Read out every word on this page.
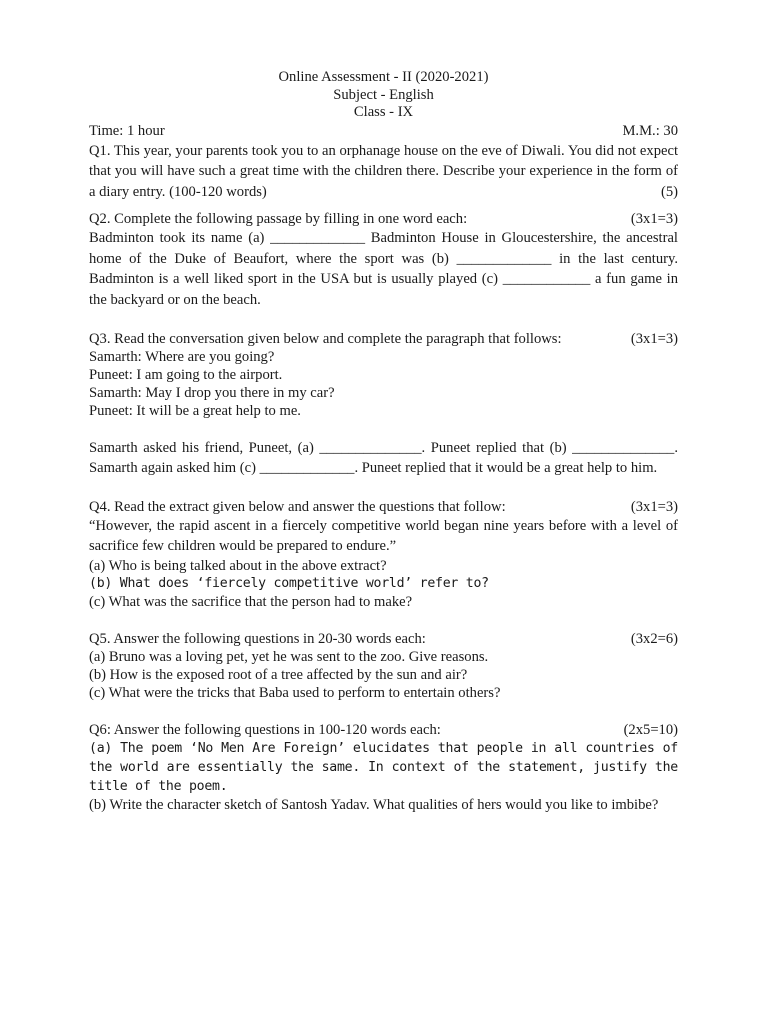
Online Assessment - II (2020-2021)
Subject - English
Class - IX
Time: 1 hour	M.M.: 30

Q1. This year, your parents took you to an orphanage house on the eve of Diwali. You did not expect that you will have such a great time with the children there. Describe your experience in the form of a diary entry. (100-120 words)	(5)

Q2. Complete the following passage by filling in one word each:	(3x1=3)

Badminton took its name (a) _____________ Badminton House in Gloucestershire, the ancestral home of the Duke of Beaufort, where the sport was (b) _____________ in the last century. Badminton is a well liked sport in the USA but is usually played (c) ____________ a fun game in the backyard or on the beach.

Q3. Read the conversation given below and complete the paragraph that follows:	(3x1=3)
Samarth: Where are you going?
Puneet: I am going to the airport.
Samarth: May I drop you there in my car?
Puneet: It will be a great help to me.

Samarth asked his friend, Puneet, (a) ______________. Puneet replied that (b) ______________. Samarth again asked him (c) _____________. Puneet replied that it would be a great help to him.

Q4. Read the extract given below and answer the questions that follow:	(3x1=3)

“However, the rapid ascent in a fiercely competitive world began nine years before with a level of sacrifice few children would be prepared to endure.”

(a) Who is being talked about in the above extract?
(b) What does ‘fiercely competitive world’ refer to?
(c) What was the sacrifice that the person had to make?
Q5. Answer the following questions in 20-30 words each:	(3x2=6)
(a) Bruno was a loving pet, yet he was sent to the zoo. Give reasons.
(b) How is the exposed root of a tree affected by the sun and air?
(c) What were the tricks that Baba used to perform to entertain others?
Q6: Answer the following questions in 100-120 words each:	(2x5=10)

(a) The poem ‘No Men Are Foreign’ elucidates that people in all countries of the world are essentially the same. In context of the statement, justify the title of the poem.

(b) Write the character sketch of Santosh Yadav. What qualities of hers would you like to imbibe?
